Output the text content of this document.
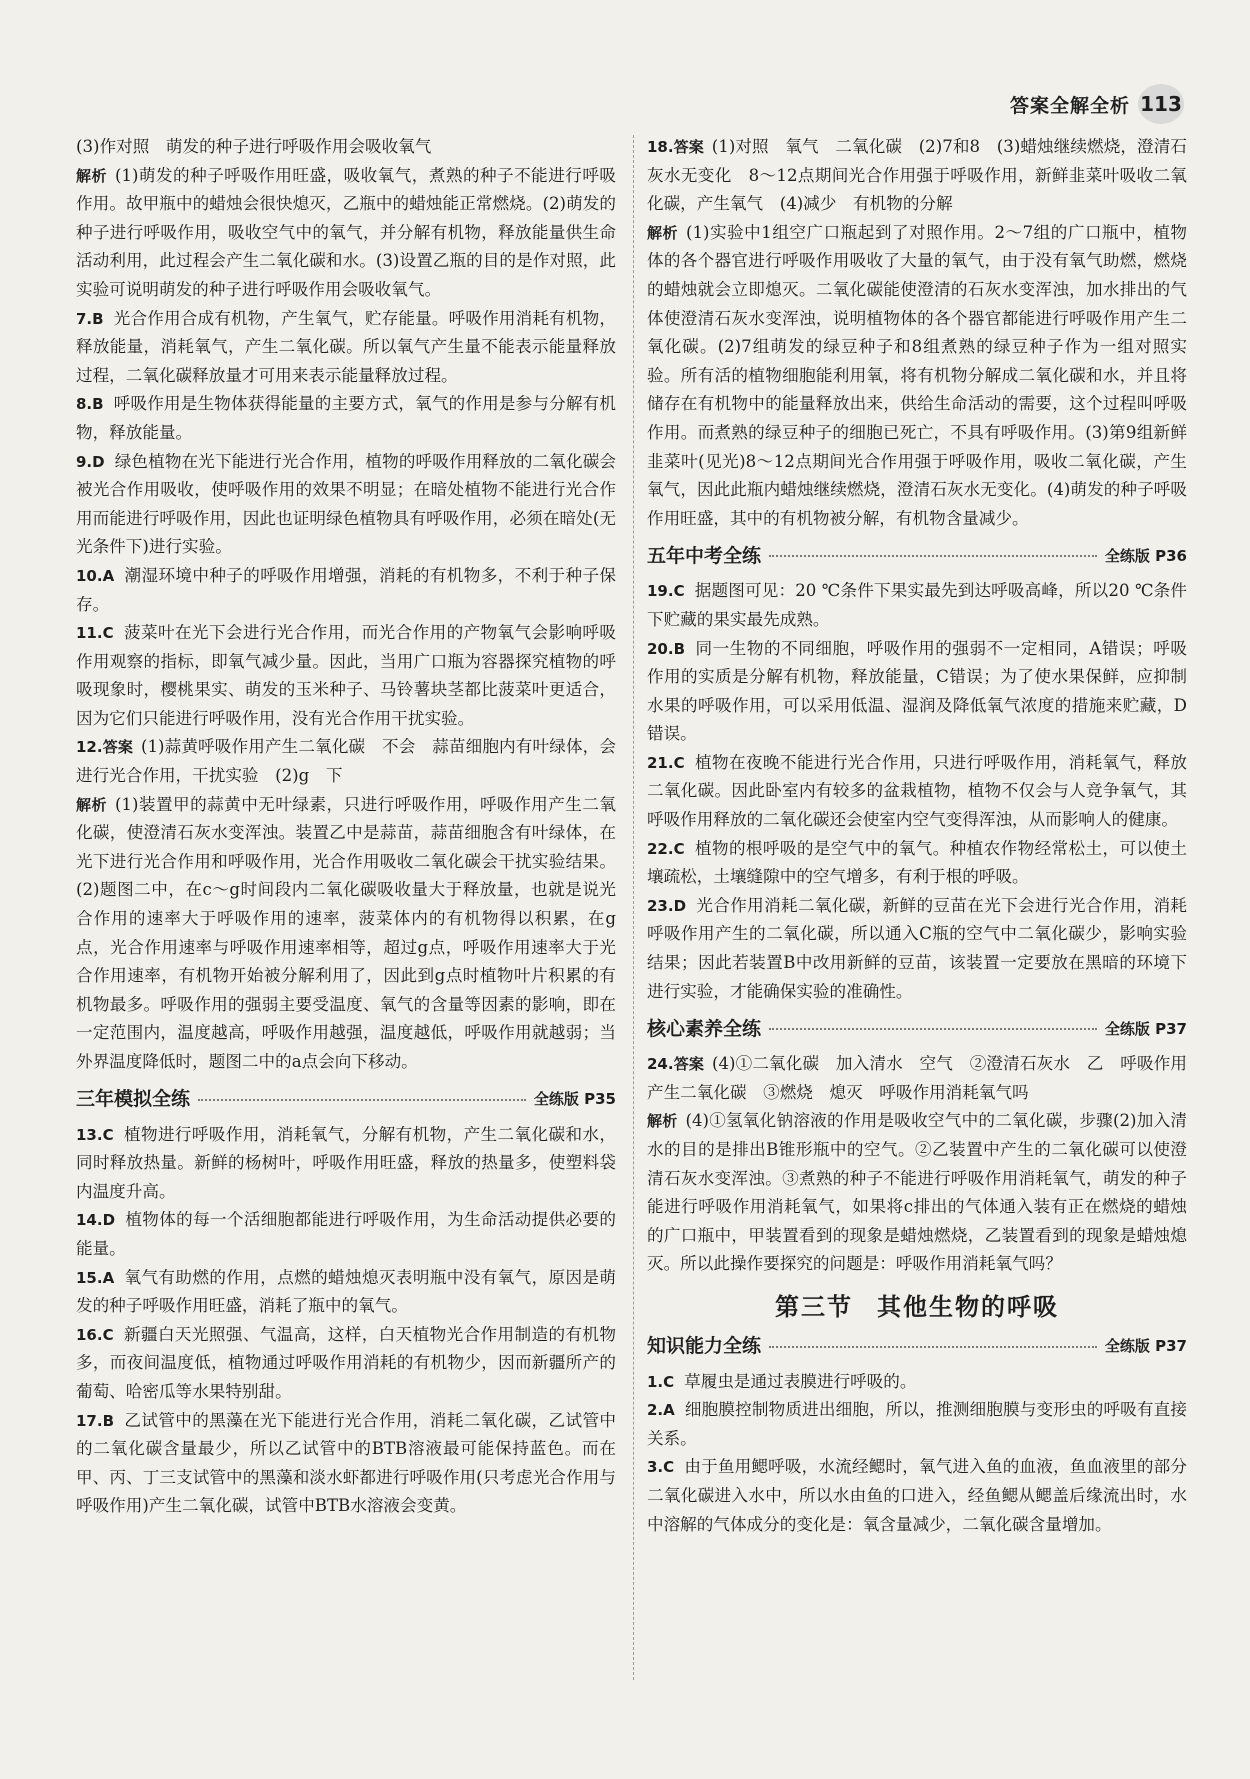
答案全解全析 113

(3)作对照　萌发的种子进行呼吸作用会吸收氧气

解析 (1)萌发的种子呼吸作用旺盛，吸收氧气，煮熟的种子不能进行呼吸作用。故甲瓶中的蜡烛会很快熄灭，乙瓶中的蜡烛能正常燃烧。(2)萌发的种子进行呼吸作用，吸收空气中的氧气，并分解有机物，释放能量供生命活动利用，此过程会产生二氧化碳和水。(3)设置乙瓶的目的是作对照，此实验可说明萌发的种子进行呼吸作用会吸收氧气。

7.B 光合作用合成有机物，产生氧气，贮存能量。呼吸作用消耗有机物，释放能量，消耗氧气，产生二氧化碳。所以氧气产生量不能表示能量释放过程，二氧化碳释放量才可用来表示能量释放过程。

8.B 呼吸作用是生物体获得能量的主要方式，氧气的作用是参与分解有机物，释放能量。

9.D 绿色植物在光下能进行光合作用，植物的呼吸作用释放的二氧化碳会被光合作用吸收，使呼吸作用的效果不明显；在暗处植物不能进行光合作用而能进行呼吸作用，因此也证明绿色植物具有呼吸作用，必须在暗处(无光条件下)进行实验。

10.A 潮湿环境中种子的呼吸作用增强，消耗的有机物多，不利于种子保存。

11.C 菠菜叶在光下会进行光合作用，而光合作用的产物氧气会影响呼吸作用观察的指标，即氧气减少量。因此，当用广口瓶为容器探究植物的呼吸现象时，樱桃果实、萌发的玉米种子、马铃薯块茎都比菠菜叶更适合，因为它们只能进行呼吸作用，没有光合作用干扰实验。

12.答案 (1)蒜黄呼吸作用产生二氧化碳　不会　蒜苗细胞内有叶绿体，会进行光合作用，干扰实验　(2)g　下

解析 (1)装置甲的蒜黄中无叶绿素，只进行呼吸作用，呼吸作用产生二氧化碳，使澄清石灰水变浑浊。装置乙中是蒜苗，蒜苗细胞含有叶绿体，在光下进行光合作用和呼吸作用，光合作用吸收二氧化碳会干扰实验结果。(2)题图二中，在c～g时间段内二氧化碳吸收量大于释放量，也就是说光合作用的速率大于呼吸作用的速率，菠菜体内的有机物得以积累，在g点，光合作用速率与呼吸作用速率相等，超过g点，呼吸作用速率大于光合作用速率，有机物开始被分解利用了，因此到g点时植物叶片积累的有机物最多。呼吸作用的强弱主要受温度、氧气的含量等因素的影响，即在一定范围内，温度越高，呼吸作用越强，温度越低，呼吸作用就越弱；当外界温度降低时，题图二中的a点会向下移动。

三年模拟全练	全练版 P35

13.C 植物进行呼吸作用，消耗氧气，分解有机物，产生二氧化碳和水，同时释放热量。新鲜的杨树叶，呼吸作用旺盛，释放的热量多，使塑料袋内温度升高。

14.D 植物体的每一个活细胞都能进行呼吸作用，为生命活动提供必要的能量。

15.A 氧气有助燃的作用，点燃的蜡烛熄灭表明瓶中没有氧气，原因是萌发的种子呼吸作用旺盛，消耗了瓶中的氧气。

16.C 新疆白天光照强、气温高，这样，白天植物光合作用制造的有机物多，而夜间温度低，植物通过呼吸作用消耗的有机物少，因而新疆所产的葡萄、哈密瓜等水果特别甜。

17.B 乙试管中的黑藻在光下能进行光合作用，消耗二氧化碳，乙试管中的二氧化碳含量最少，所以乙试管中的BTB溶液最可能保持蓝色。而在甲、丙、丁三支试管中的黑藻和淡水虾都进行呼吸作用(只考虑光合作用与呼吸作用)产生二氧化碳，试管中BTB水溶液会变黄。

18.答案 (1)对照　氧气　二氧化碳　(2)7和8　(3)蜡烛继续燃烧，澄清石灰水无变化　8～12点期间光合作用强于呼吸作用，新鲜韭菜叶吸收二氧化碳，产生氧气　(4)减少　有机物的分解

解析 (1)实验中1组空广口瓶起到了对照作用。2～7组的广口瓶中，植物体的各个器官进行呼吸作用吸收了大量的氧气，由于没有氧气助燃，燃烧的蜡烛就会立即熄灭。二氧化碳能使澄清的石灰水变浑浊，加水排出的气体使澄清石灰水变浑浊，说明植物体的各个器官都能进行呼吸作用产生二氧化碳。(2)7组萌发的绿豆种子和8组煮熟的绿豆种子作为一组对照实验。所有活的植物细胞能利用氧，将有机物分解成二氧化碳和水，并且将储存在有机物中的能量释放出来，供给生命活动的需要，这个过程叫呼吸作用。而煮熟的绿豆种子的细胞已死亡，不具有呼吸作用。(3)第9组新鲜韭菜叶(见光)8～12点期间光合作用强于呼吸作用，吸收二氧化碳，产生氧气，因此此瓶内蜡烛继续燃烧，澄清石灰水无变化。(4)萌发的种子呼吸作用旺盛，其中的有机物被分解，有机物含量减少。

五年中考全练	全练版 P36

19.C 据题图可见：20 ℃条件下果实最先到达呼吸高峰，所以20 ℃条件下贮藏的果实最先成熟。

20.B 同一生物的不同细胞，呼吸作用的强弱不一定相同，A错误；呼吸作用的实质是分解有机物，释放能量，C错误；为了使水果保鲜，应抑制水果的呼吸作用，可以采用低温、湿润及降低氧气浓度的措施来贮藏，D错误。

21.C 植物在夜晚不能进行光合作用，只进行呼吸作用，消耗氧气，释放二氧化碳。因此卧室内有较多的盆栽植物，植物不仅会与人竞争氧气，其呼吸作用释放的二氧化碳还会使室内空气变得浑浊，从而影响人的健康。

22.C 植物的根呼吸的是空气中的氧气。种植农作物经常松土，可以使土壤疏松，土壤缝隙中的空气增多，有利于根的呼吸。

23.D 光合作用消耗二氧化碳，新鲜的豆苗在光下会进行光合作用，消耗呼吸作用产生的二氧化碳，所以通入C瓶的空气中二氧化碳少，影响实验结果；因此若装置B中改用新鲜的豆苗，该装置一定要放在黑暗的环境下进行实验，才能确保实验的准确性。

核心素养全练	全练版 P37

24.答案 (4)①二氧化碳　加入清水　空气　②澄清石灰水　乙　呼吸作用产生二氧化碳　③燃烧　熄灭　呼吸作用消耗氧气吗

解析 (4)①氢氧化钠溶液的作用是吸收空气中的二氧化碳，步骤(2)加入清水的目的是排出B锥形瓶中的空气。②乙装置中产生的二氧化碳可以使澄清石灰水变浑浊。③煮熟的种子不能进行呼吸作用消耗氧气，萌发的种子能进行呼吸作用消耗氧气，如果将c排出的气体通入装有正在燃烧的蜡烛的广口瓶中，甲装置看到的现象是蜡烛燃烧，乙装置看到的现象是蜡烛熄灭。所以此操作要探究的问题是：呼吸作用消耗氧气吗？

第三节 其他生物的呼吸
知识能力全练	全练版 P37

1.C 草履虫是通过表膜进行呼吸的。

2.A 细胞膜控制物质进出细胞，所以，推测细胞膜与变形虫的呼吸有直接关系。

3.C 由于鱼用鳃呼吸，水流经鳃时，氧气进入鱼的血液，鱼血液里的部分二氧化碳进入水中，所以水由鱼的口进入，经鱼鳃从鳃盖后缘流出时，水中溶解的气体成分的变化是：氧含量减少，二氧化碳含量增加。
